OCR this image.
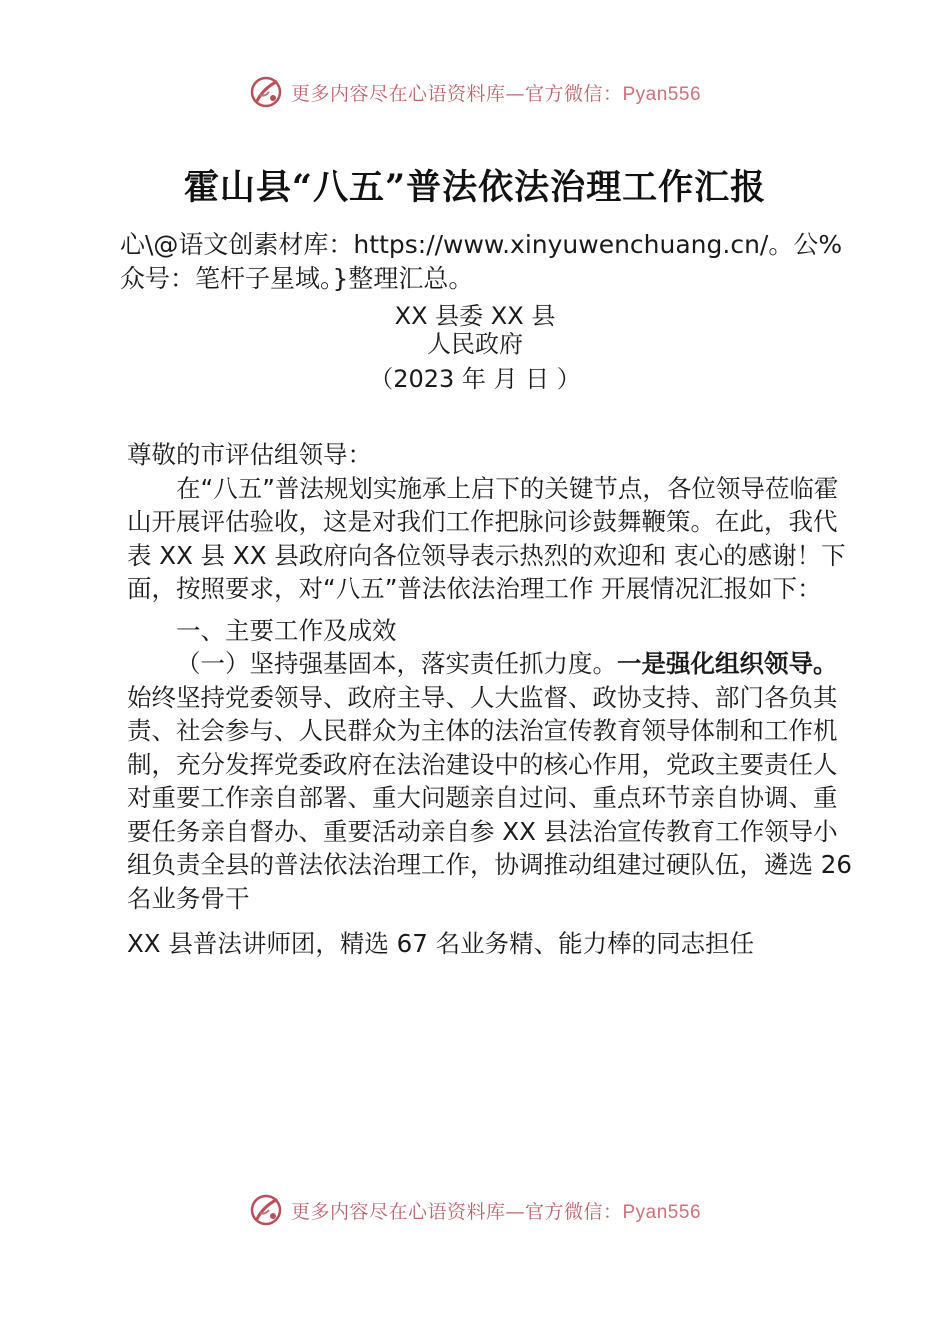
更多内容尽在心语资料库—官方微信：Pyan556
霍山县“八五”普法依法治理工作汇报
心\@语文创素材库：https://www.xinyuwenchuang.cn/。公%众号：笔杆子星域。}整理汇总。
XX 县委 XX 县
人民政府
（2023 年 月 日 ）

尊敬的市评估组领导：

在“八五”普法规划实施承上启下的关键节点，各位领导莅临霍山开展评估验收，这是对我们工作把脉问诊鼓舞鞭策。在此，我代表 XX 县 XX 县政府向各位领导表示热烈的欢迎和 衷心的感谢！下面，按照要求，对“八五”普法依法治理工作 开展情况汇报如下：

一、主要工作及成效

（一）坚持强基固本，落实责任抓力度。一是强化组织领导。始终坚持党委领导、政府主导、人大监督、政协支持、部门各负其责、社会参与、人民群众为主体的法治宣传教育领导体制和工作机制，充分发挥党委政府在法治建设中的核心作用，党政主要责任人对重要工作亲自部署、重大问题亲自过问、重点环节亲自协调、重要任务亲自督办、重要活动亲自参 XX 县法治宣传教育工作领导小组负责全县的普法依法治理工作，协调推动组建过硬队伍，遴选 26 名业务骨干

XX 县普法讲师团，精选 67 名业务精、能力棒的同志担任

更多内容尽在心语资料库—官方微信：Pyan556
